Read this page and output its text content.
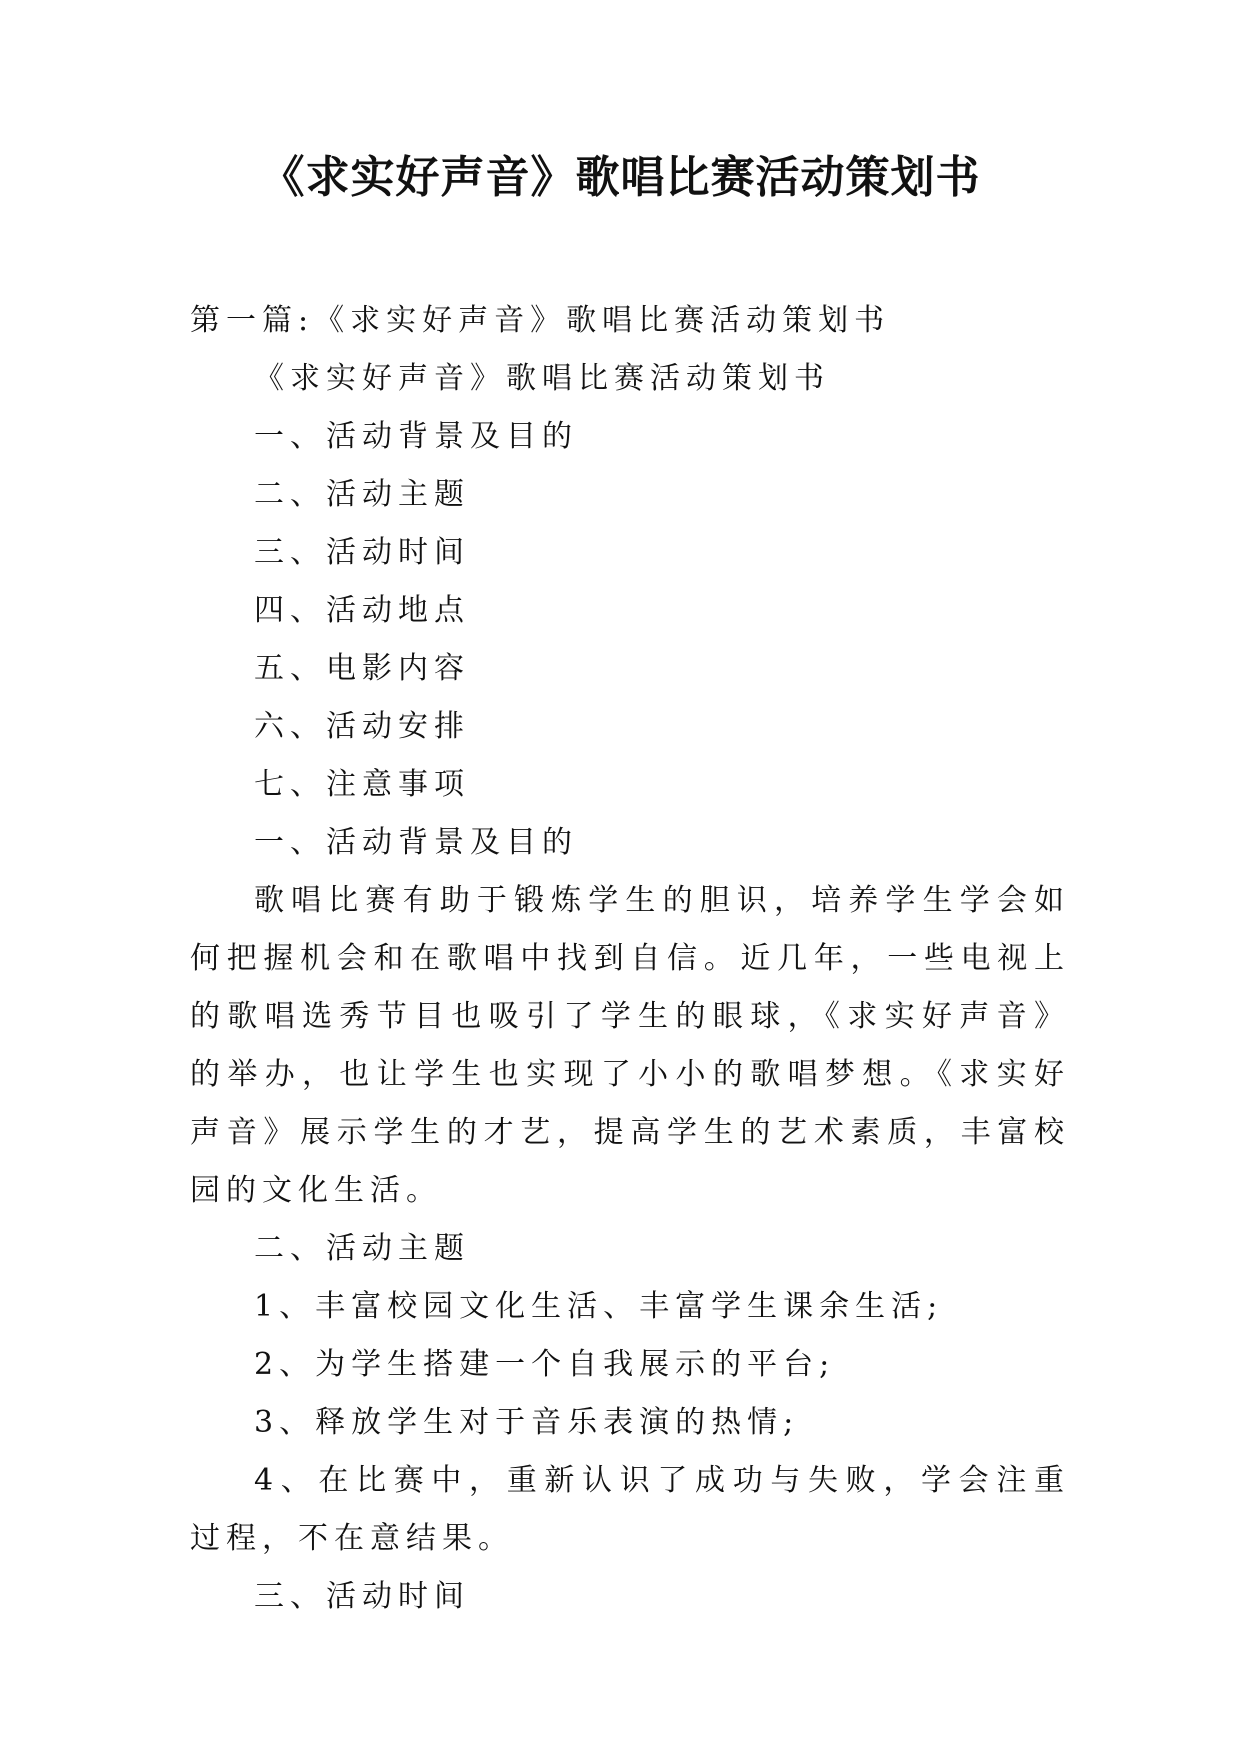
《求实好声音》歌唱比赛活动策划书

第一篇:《求实好声音》歌唱比赛活动策划书

《求实好声音》歌唱比赛活动策划书

一、活动背景及目的

二、活动主题

三、活动时间

四、活动地点

五、电影内容

六、活动安排

七、注意事项

一、活动背景及目的

歌唱比赛有助于锻炼学生的胆识，培养学生学会如何把握机会和在歌唱中找到自信。近几年，一些电视上的歌唱选秀节目也吸引了学生的眼球，《求实好声音》的举办，也让学生也实现了小小的歌唱梦想。《求实好声音》展示学生的才艺，提高学生的艺术素质，丰富校园的文化生活。

二、活动主题

1、丰富校园文化生活、丰富学生课余生活;

2、为学生搭建一个自我展示的平台;

3、释放学生对于音乐表演的热情;

4、在比赛中，重新认识了成功与失败，学会注重过程，不在意结果。

三、活动时间
